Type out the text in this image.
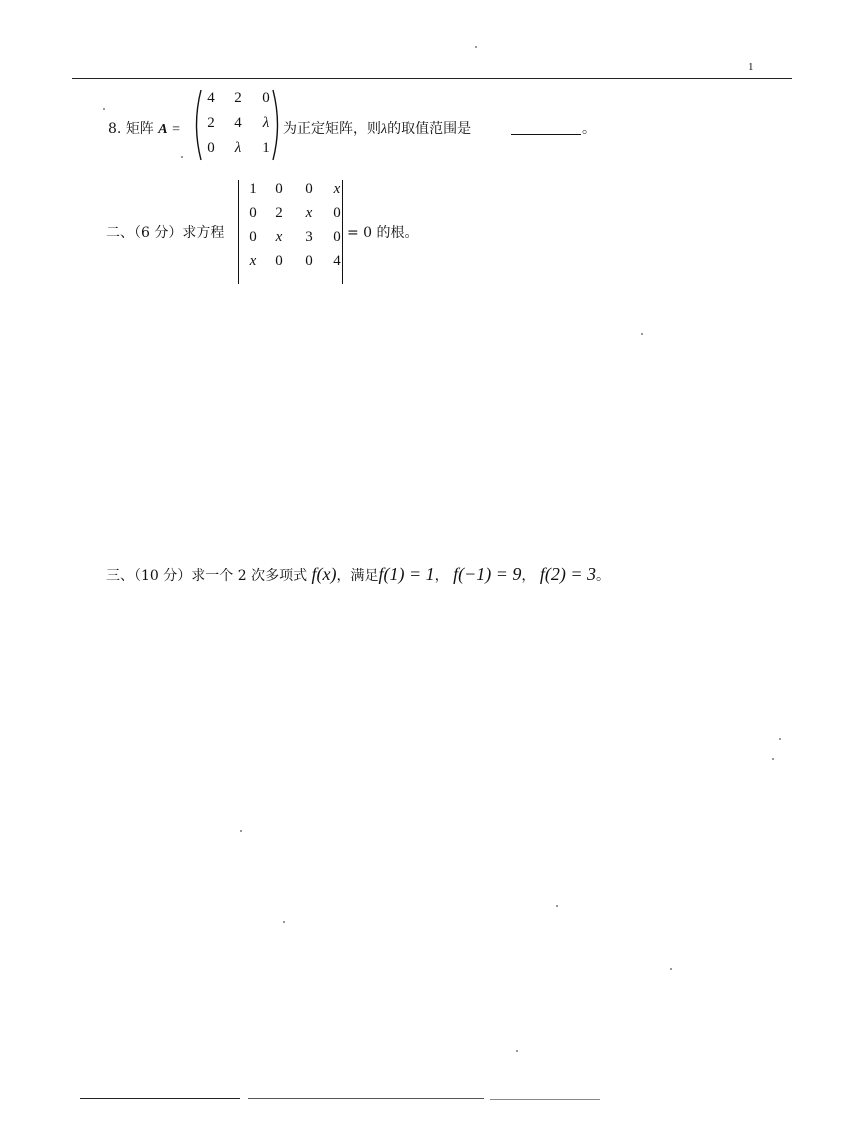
1
8. 矩阵 A =
4	2	0
2	4	λ
0	λ	1
为正定矩阵，则λ的取值范围是	。
二、（6 分）求方程
1	0	0	x
0	2	x	0
0	x	3	0
x	0	0	4
= 0 的根。
三、（10 分）求一个 2 次多项式 f(x)，满足f(1) = 1， f(−1) = 9， f(2) = 3。
